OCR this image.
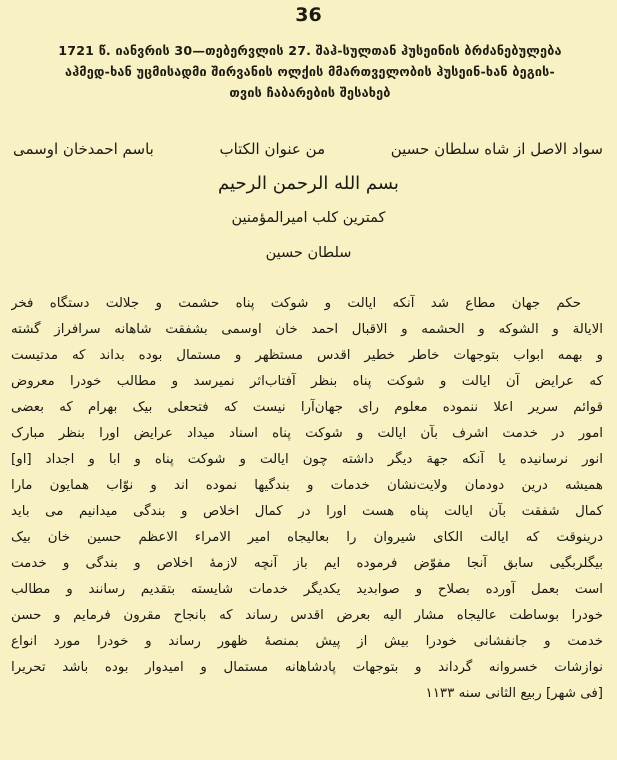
36
1721 წ. იანვრის 30—თებერვლის 27. შაჰ-სულთან ჰუსეინის ბრძანებულება
აჰმედ-ხან უცმისადმი შირვანის ოლქის მმართველობის ჰუსეინ-ხან ბეგის-
თვის ჩაბარების შესახებ
سواد الاصل از شاه سلطان حسین
من عنوان الکتاب
باسم احمدخان اوسمی
بسم الله الرحمن الرحیم
کمترین کلب امیرالمؤمنین
سلطان حسین
حکم جهان مطاع شد آنکه ایالت و شوکت پناه حشمت و جلالت دستگاه فخر
الایالة و الشوکه و الحشمه و الاقبال احمد خان اوسمی بشفقت شاهانه سرافراز گشته
و بهمه ابواب بتوجهات خاطر خطیر اقدس مستظهر و مستمال بوده بداند که مدتیست
که عرایض آن ایالت و شوکت پناه بنظر آفتاب‌اثر نمیرسد و مطالب خودرا معروض
قوائم سریر اعلا ننموده معلوم رای جهان‌آرا نیست که فتحعلی بیک بهرام که بعضی
امور در خدمت اشرف بآن ایالت و شوکت پناه اسناد میداد عرایض اورا بنظر مبارک
انور نرسانیده یا آنکه جهة دیگر داشته چون ایالت و شوکت پناه و ابا و اجداد [او]
همیشه درین دودمان ولایت‌نشان خدمات و بندگیها نموده اند و نوّاب همایون مارا
کمال شفقت بآن ایالت پناه هست اورا در کمال اخلاص و بندگی میدانیم می باید
درینوقت که ایالت الکای شیروان را بعالیجاه امیر الامراء الاعظم حسین خان بیک
بیگلربگیی سابق آنجا مفوّض فرموده ایم باز آنچه لازمهٔ اخلاص و بندگی و خدمت
است بعمل آورده بصلاح و صوابدید یکدیگر خدمات شایسته بتقدیم رسانند و مطالب
خودرا بوساطت عالیجاه مشار الیه بعرض اقدس رساند که بانجاح مقرون فرمایم و حسن
خدمت و جانفشانی خودرا بیش از پیش بمنصهٔ ظهور رساند و خودرا مورد انواع
نوازشات خسروانه گرداند و بتوجهات پادشاهانه مستمال و امیدوار بوده باشد تحریرا
[فی شهر] ربیع الثانی سنه ۱۱۳۳
